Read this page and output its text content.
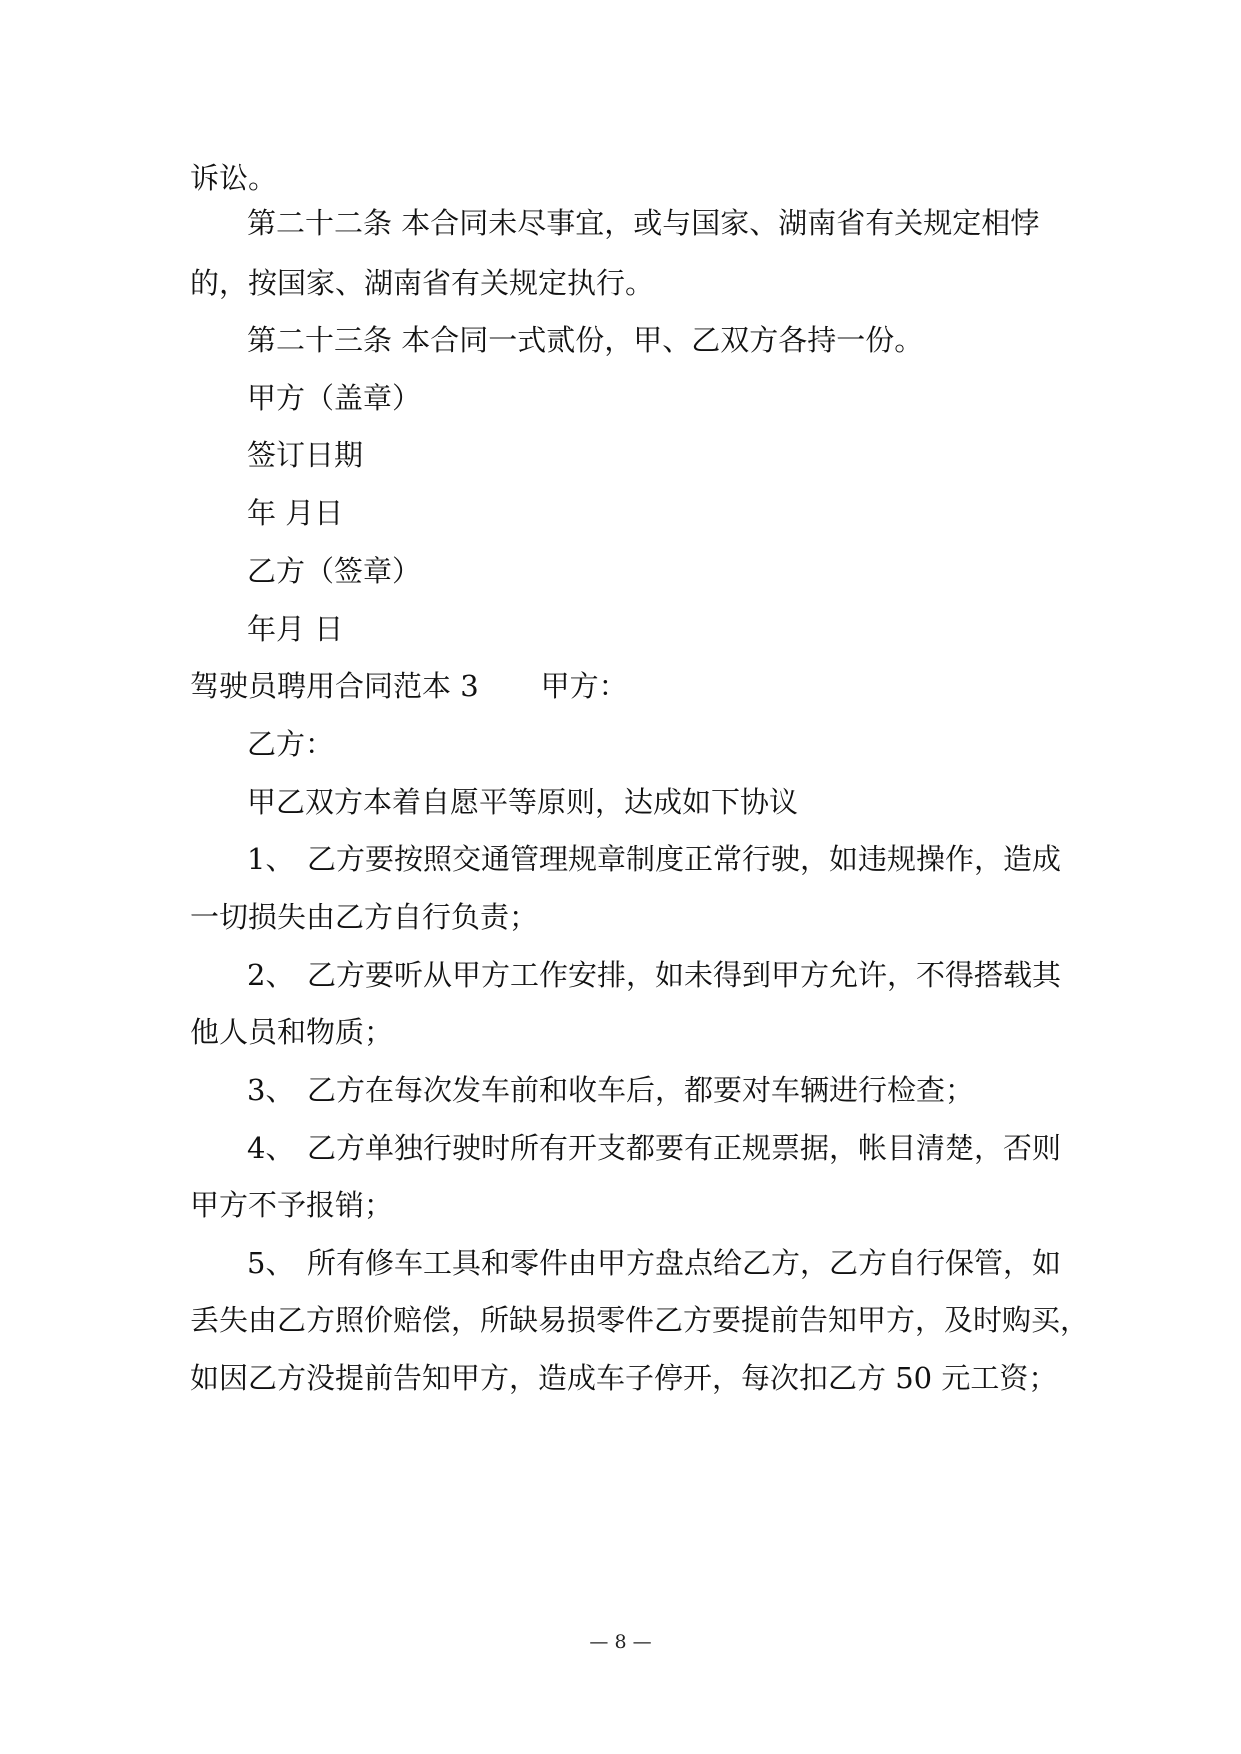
诉讼。
第二十二条 本合同未尽事宜，或与国家、湖南省有关规定相悖
的，按国家、湖南省有关规定执行。
第二十三条 本合同一式贰份，甲、乙双方各持一份。
甲方（盖章）
签订日期
年 月日
乙方（签章）
年月 日
驾驶员聘用合同范本 3 甲方：
乙方：
甲乙双方本着自愿平等原则，达成如下协议
1、 乙方要按照交通管理规章制度正常行驶，如违规操作，造成
一切损失由乙方自行负责；
2、 乙方要听从甲方工作安排，如未得到甲方允许，不得搭载其
他人员和物质；
3、 乙方在每次发车前和收车后，都要对车辆进行检查；
4、 乙方单独行驶时所有开支都要有正规票据，帐目清楚，否则
甲方不予报销；
5、 所有修车工具和零件由甲方盘点给乙方，乙方自行保管，如
丢失由乙方照价赔偿，所缺易损零件乙方要提前告知甲方，及时购买，
如因乙方没提前告知甲方，造成车子停开，每次扣乙方 50 元工资；
— 8 —
